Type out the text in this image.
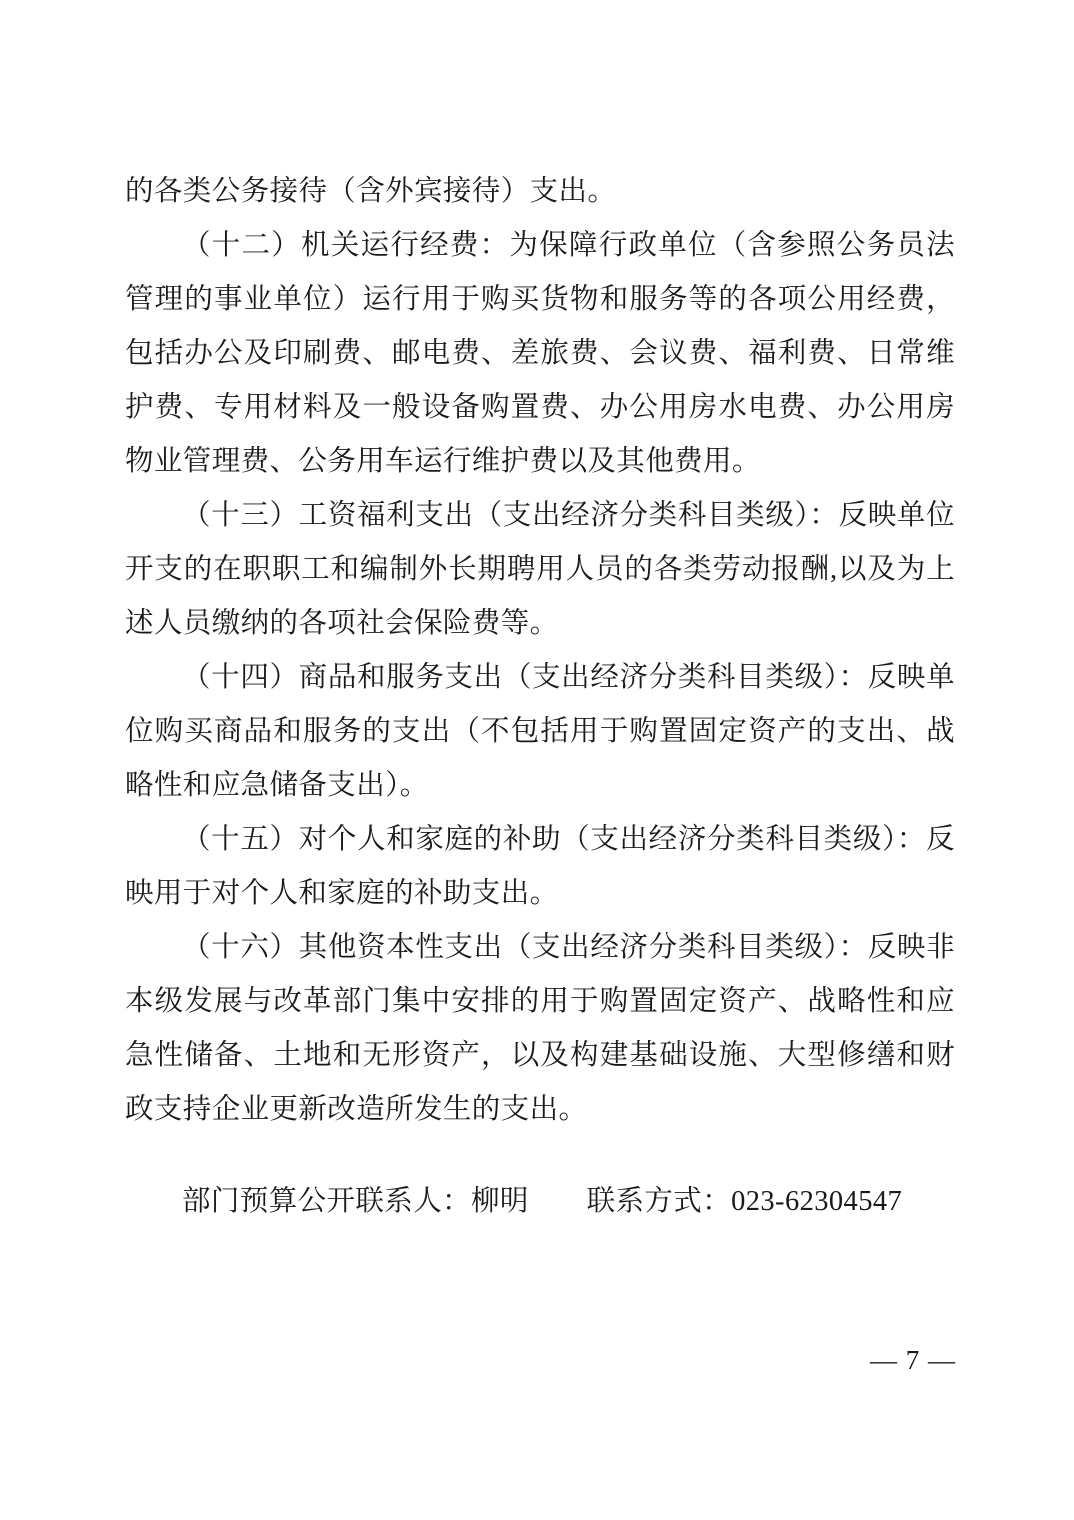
的各类公务接待（含外宾接待）支出。

（十二）机关运行经费：为保障行政单位（含参照公务员法管理的事业单位）运行用于购买货物和服务等的各项公用经费，包括办公及印刷费、邮电费、差旅费、会议费、福利费、日常维护费、专用材料及一般设备购置费、办公用房水电费、办公用房物业管理费、公务用车运行维护费以及其他费用。

（十三）工资福利支出（支出经济分类科目类级）：反映单位开支的在职职工和编制外长期聘用人员的各类劳动报酬,以及为上述人员缴纳的各项社会保险费等。

（十四）商品和服务支出（支出经济分类科目类级）：反映单位购买商品和服务的支出（不包括用于购置固定资产的支出、战略性和应急储备支出）。

（十五）对个人和家庭的补助（支出经济分类科目类级）：反映用于对个人和家庭的补助支出。

（十六）其他资本性支出（支出经济分类科目类级）：反映非本级发展与改革部门集中安排的用于购置固定资产、战略性和应急性储备、土地和无形资产，以及构建基础设施、大型修缮和财政支持企业更新改造所发生的支出。

部门预算公开联系人：柳明　　联系方式：023-62304547
— 7 —
